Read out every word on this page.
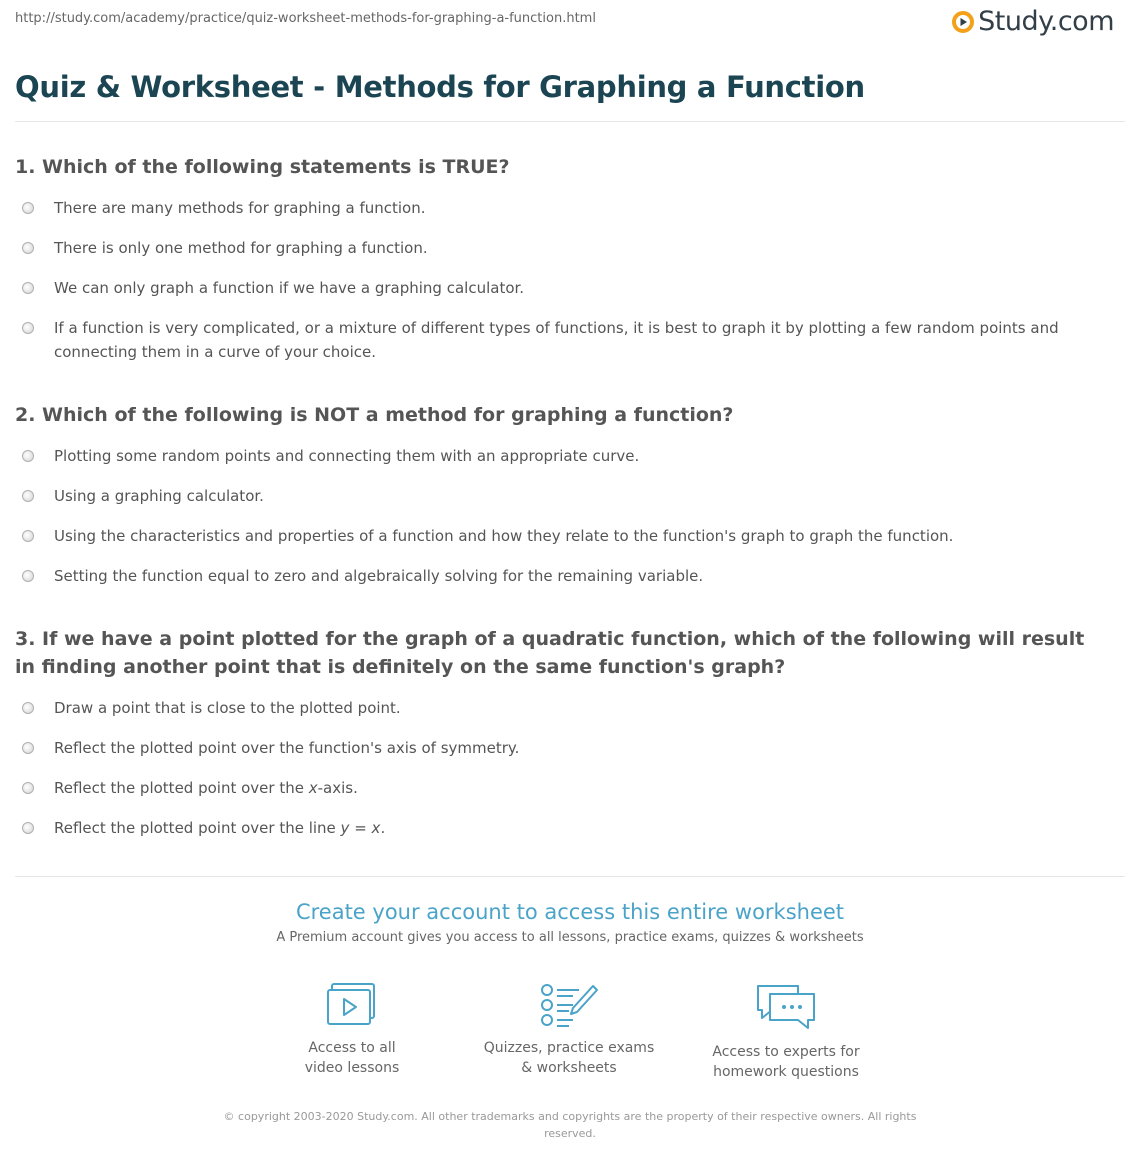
http://study.com/academy/practice/quiz-worksheet-methods-for-graphing-a-function.html	Study.com
Quiz & Worksheet - Methods for Graphing a Function
1. Which of the following statements is TRUE?
There are many methods for graphing a function.
There is only one method for graphing a function.
We can only graph a function if we have a graphing calculator.
If a function is very complicated, or a mixture of different types of functions, it is best to graph it by plotting a few random points and connecting them in a curve of your choice.
2. Which of the following is NOT a method for graphing a function?
Plotting some random points and connecting them with an appropriate curve.
Using a graphing calculator.
Using the characteristics and properties of a function and how they relate to the function's graph to graph the function.
Setting the function equal to zero and algebraically solving for the remaining variable.
3. If we have a point plotted for the graph of a quadratic function, which of the following will result in finding another point that is definitely on the same function's graph?
Draw a point that is close to the plotted point.
Reflect the plotted point over the function's axis of symmetry.
Reflect the plotted point over the x-axis.
Reflect the plotted point over the line y = x.
Create your account to access this entire worksheet
A Premium account gives you access to all lessons, practice exams, quizzes & worksheets
Access to all
video lessons
Quizzes, practice exams
& worksheets
Access to experts for
homework questions
© copyright 2003-2020 Study.com. All other trademarks and copyrights are the property of their respective owners. All rights reserved.
